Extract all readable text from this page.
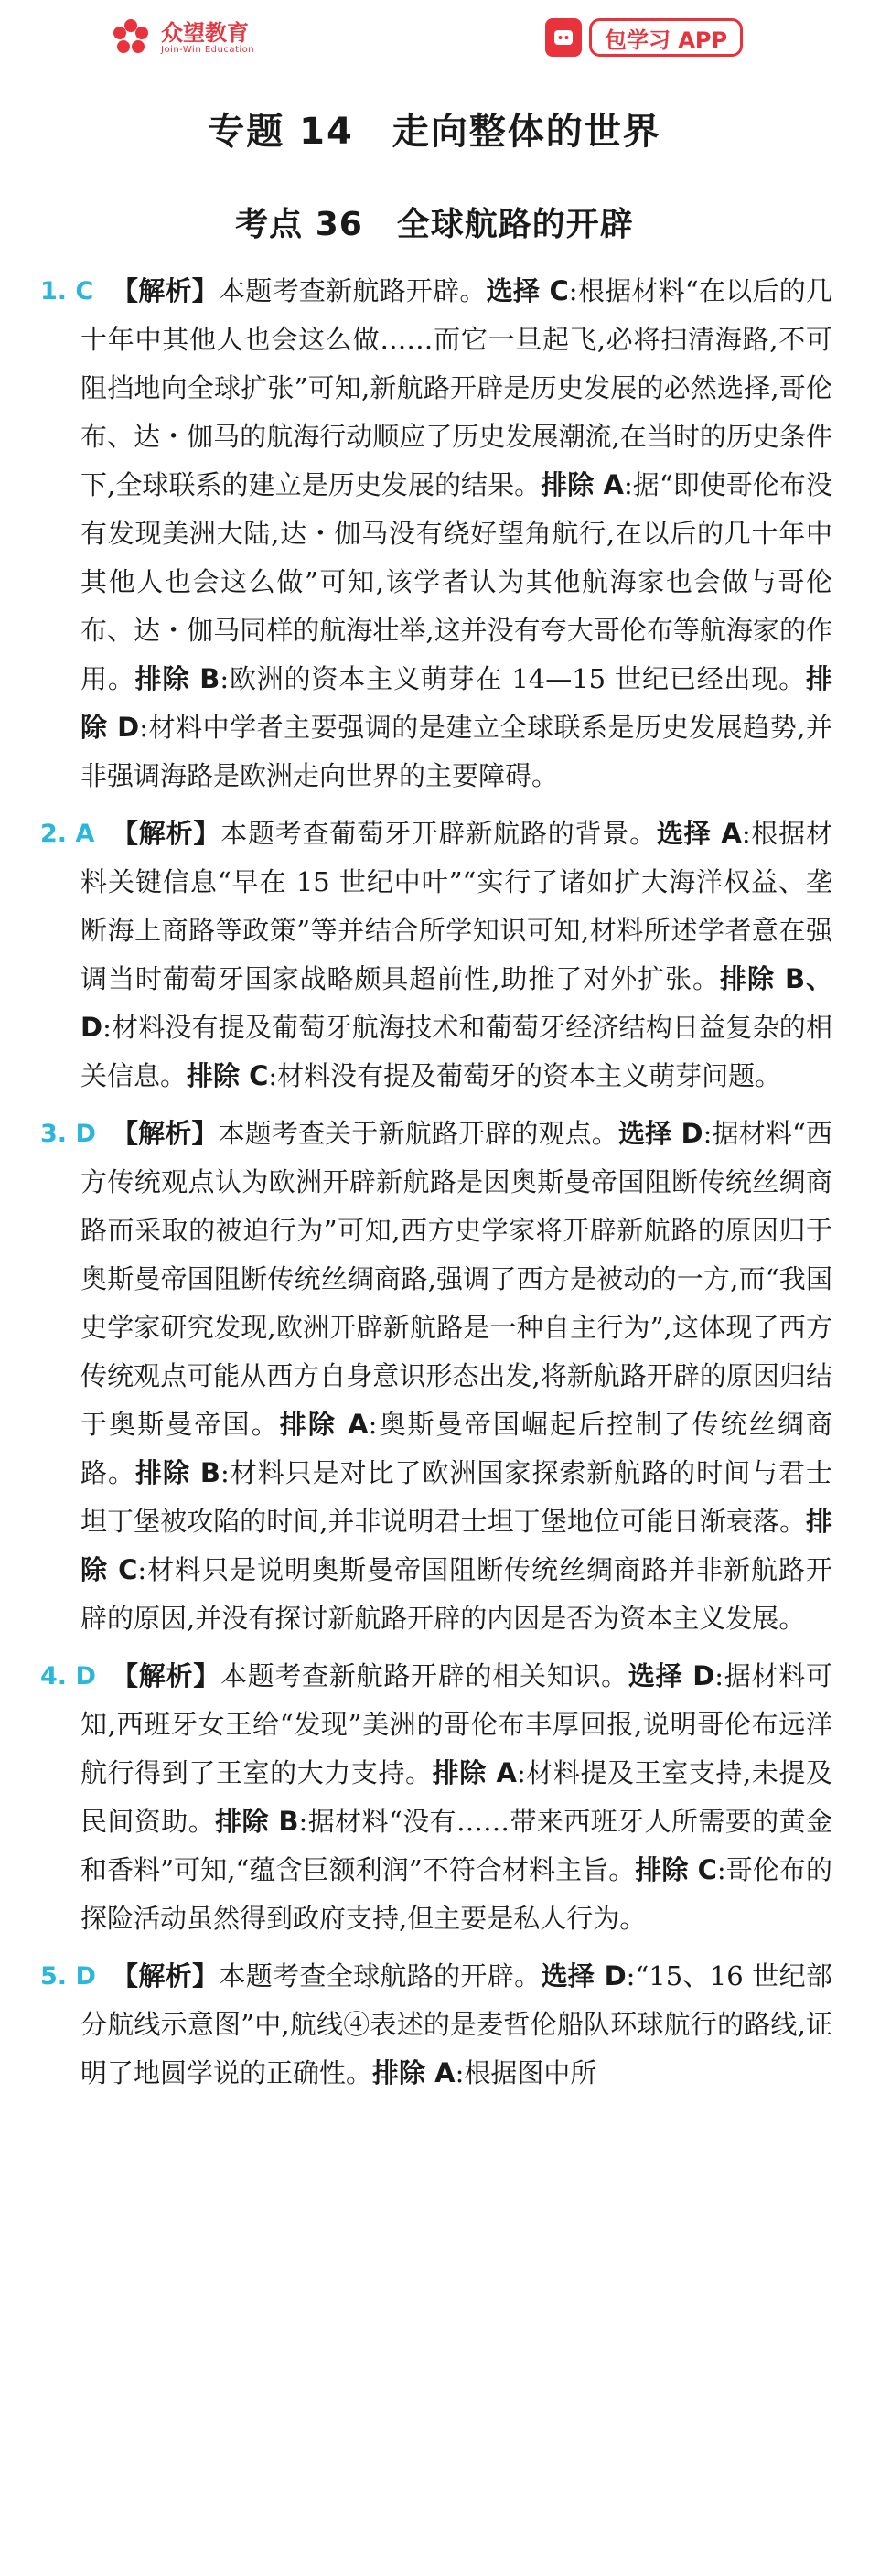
众望教育
Join-Win Education	包学习 APP
专题 14　走向整体的世界
考点 36　全球航路的开辟
1. C 【解析】本题考查新航路开辟。选择 C:根据材料“在以后的几十年中其他人也会这么做……而它一旦起飞,必将扫清海路,不可阻挡地向全球扩张”可知,新航路开辟是历史发展的必然选择,哥伦布、达・伽马的航海行动顺应了历史发展潮流,在当时的历史条件下,全球联系的建立是历史发展的结果。排除 A:据“即使哥伦布没有发现美洲大陆,达・伽马没有绕好望角航行,在以后的几十年中其他人也会这么做”可知,该学者认为其他航海家也会做与哥伦布、达・伽马同样的航海壮举,这并没有夸大哥伦布等航海家的作用。排除 B:欧洲的资本主义萌芽在 14—15 世纪已经出现。排除 D:材料中学者主要强调的是建立全球联系是历史发展趋势,并非强调海路是欧洲走向世界的主要障碍。
2. A 【解析】本题考查葡萄牙开辟新航路的背景。选择 A:根据材料关键信息“早在 15 世纪中叶”“实行了诸如扩大海洋权益、垄断海上商路等政策”等并结合所学知识可知,材料所述学者意在强调当时葡萄牙国家战略颇具超前性,助推了对外扩张。排除 B、D:材料没有提及葡萄牙航海技术和葡萄牙经济结构日益复杂的相关信息。排除 C:材料没有提及葡萄牙的资本主义萌芽问题。
3. D 【解析】本题考查关于新航路开辟的观点。选择 D:据材料“西方传统观点认为欧洲开辟新航路是因奥斯曼帝国阻断传统丝绸商路而采取的被迫行为”可知,西方史学家将开辟新航路的原因归于奥斯曼帝国阻断传统丝绸商路,强调了西方是被动的一方,而“我国史学家研究发现,欧洲开辟新航路是一种自主行为”,这体现了西方传统观点可能从西方自身意识形态出发,将新航路开辟的原因归结于奥斯曼帝国。排除 A:奥斯曼帝国崛起后控制了传统丝绸商路。排除 B:材料只是对比了欧洲国家探索新航路的时间与君士坦丁堡被攻陷的时间,并非说明君士坦丁堡地位可能日渐衰落。排除 C:材料只是说明奥斯曼帝国阻断传统丝绸商路并非新航路开辟的原因,并没有探讨新航路开辟的内因是否为资本主义发展。
4. D 【解析】本题考查新航路开辟的相关知识。选择 D:据材料可知,西班牙女王给“发现”美洲的哥伦布丰厚回报,说明哥伦布远洋航行得到了王室的大力支持。排除 A:材料提及王室支持,未提及民间资助。排除 B:据材料“没有……带来西班牙人所需要的黄金和香料”可知,“蕴含巨额利润”不符合材料主旨。排除 C:哥伦布的探险活动虽然得到政府支持,但主要是私人行为。
5. D 【解析】本题考查全球航路的开辟。选择 D:“15、16 世纪部分航线示意图”中,航线④表述的是麦哲伦船队环球航行的路线,证明了地圆学说的正确性。排除 A:根据图中所
